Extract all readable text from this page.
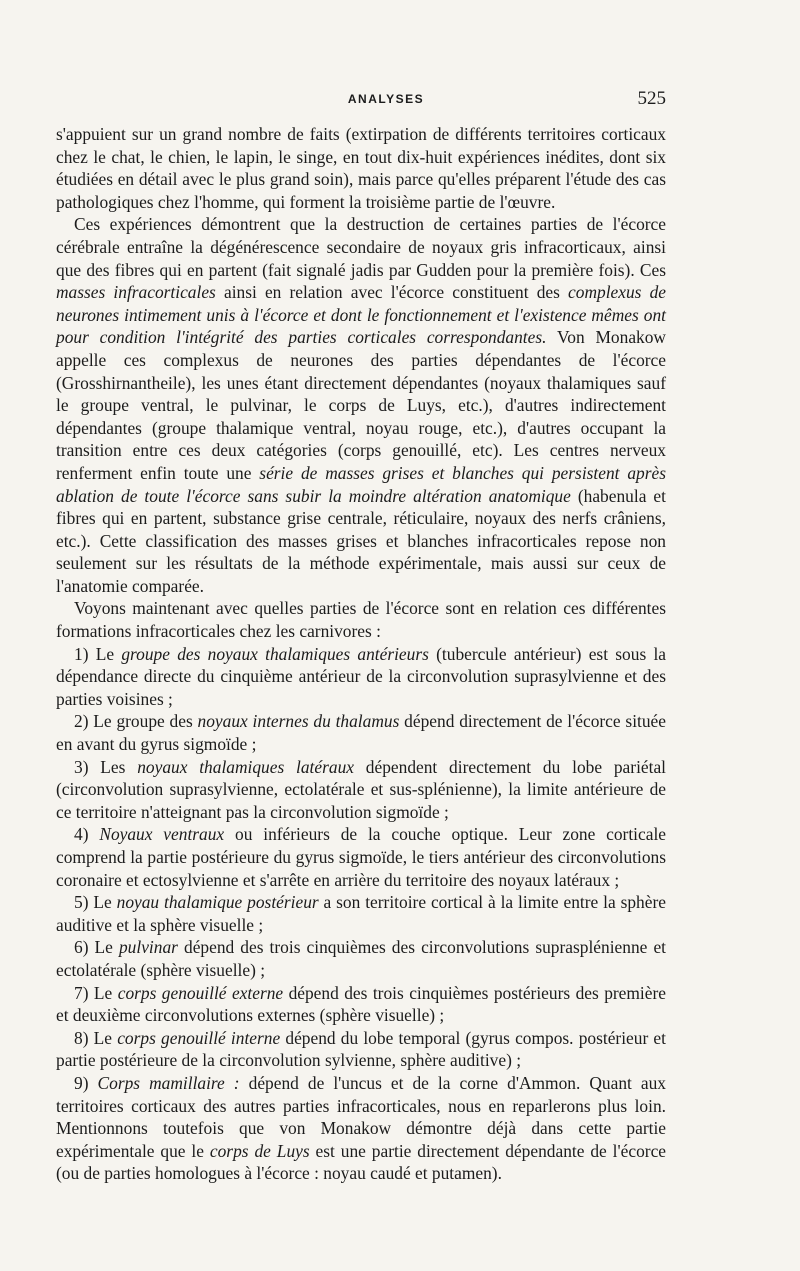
ANALYSES	525

s'appuient sur un grand nombre de faits (extirpation de différents territoires corticaux chez le chat, le chien, le lapin, le singe, en tout dix-huit expériences inédites, dont six étudiées en détail avec le plus grand soin), mais parce qu'elles préparent l'étude des cas pathologiques chez l'homme, qui forment la troisième partie de l'œuvre.

Ces expériences démontrent que la destruction de certaines parties de l'écorce cérébrale entraîne la dégénérescence secondaire de noyaux gris infracorticaux, ainsi que des fibres qui en partent (fait signalé jadis par Gudden pour la première fois). Ces masses infracorticales ainsi en relation avec l'écorce constituent des complexus de neurones intimement unis à l'écorce et dont le fonctionnement et l'existence mêmes ont pour condition l'intégrité des parties corticales correspondantes. Von Monakow appelle ces complexus de neurones des parties dépendantes de l'écorce (Grosshirnantheile), les unes étant directement dépendantes (noyaux thalamiques sauf le groupe ventral, le pulvinar, le corps de Luys, etc.), d'autres indirectement dépendantes (groupe thalamique ventral, noyau rouge, etc.), d'autres occupant la transition entre ces deux catégories (corps genouillé, etc). Les centres nerveux renferment enfin toute une série de masses grises et blanches qui persistent après ablation de toute l'écorce sans subir la moindre altération anatomique (habenula et fibres qui en partent, substance grise centrale, réticulaire, noyaux des nerfs crâniens, etc.). Cette classification des masses grises et blanches infracorticales repose non seulement sur les résultats de la méthode expérimentale, mais aussi sur ceux de l'anatomie comparée.

Voyons maintenant avec quelles parties de l'écorce sont en relation ces différentes formations infracorticales chez les carnivores :

1) Le groupe des noyaux thalamiques antérieurs (tubercule antérieur) est sous la dépendance directe du cinquième antérieur de la circonvolution suprasylvienne et des parties voisines ;

2) Le groupe des noyaux internes du thalamus dépend directement de l'écorce située en avant du gyrus sigmoïde ;

3) Les noyaux thalamiques latéraux dépendent directement du lobe pariétal (circonvolution suprasylvienne, ectolatérale et sus-splénienne), la limite antérieure de ce territoire n'atteignant pas la circonvolution sigmoïde ;

4) Noyaux ventraux ou inférieurs de la couche optique. Leur zone corticale comprend la partie postérieure du gyrus sigmoïde, le tiers antérieur des circonvolutions coronaire et ectosylvienne et s'arrête en arrière du territoire des noyaux latéraux ;

5) Le noyau thalamique postérieur a son territoire cortical à la limite entre la sphère auditive et la sphère visuelle ;

6) Le pulvinar dépend des trois cinquièmes des circonvolutions suprasplénienne et ectolatérale (sphère visuelle) ;

7) Le corps genouillé externe dépend des trois cinquièmes postérieurs des première et deuxième circonvolutions externes (sphère visuelle) ;

8) Le corps genouillé interne dépend du lobe temporal (gyrus compos. postérieur et partie postérieure de la circonvolution sylvienne, sphère auditive) ;

9) Corps mamillaire : dépend de l'uncus et de la corne d'Ammon. Quant aux territoires corticaux des autres parties infracorticales, nous en reparlerons plus loin. Mentionnons toutefois que von Monakow démontre déjà dans cette partie expérimentale que le corps de Luys est une partie directement dépendante de l'écorce (ou de parties homologues à l'écorce : noyau caudé et putamen).
